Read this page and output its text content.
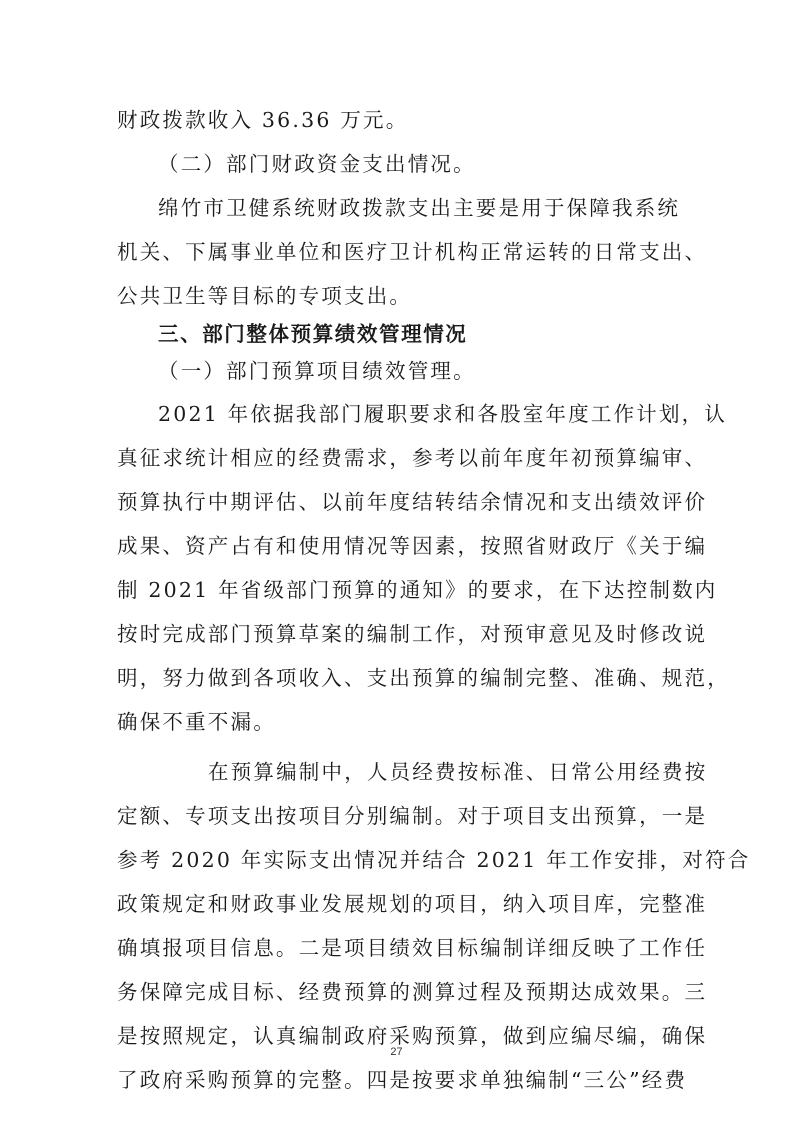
财政拨款收入 36.36 万元。
（二）部门财政资金支出情况。
绵竹市卫健系统财政拨款支出主要是用于保障我系统
机关、下属事业单位和医疗卫计机构正常运转的日常支出、
公共卫生等目标的专项支出。
三、部门整体预算绩效管理情况
（一）部门预算项目绩效管理。
2021 年依据我部门履职要求和各股室年度工作计划，认
真征求统计相应的经费需求，参考以前年度年初预算编审、
预算执行中期评估、以前年度结转结余情况和支出绩效评价
成果、资产占有和使用情况等因素，按照省财政厅《关于编
制 2021 年省级部门预算的通知》的要求，在下达控制数内
按时完成部门预算草案的编制工作，对预审意见及时修改说
明，努力做到各项收入、支出预算的编制完整、准确、规范，
确保不重不漏。
在预算编制中，人员经费按标准、日常公用经费按
定额、专项支出按项目分别编制。对于项目支出预算，一是
参考 2020 年实际支出情况并结合 2021 年工作安排，对符合
政策规定和财政事业发展规划的项目，纳入项目库，完整准
确填报项目信息。二是项目绩效目标编制详细反映了工作任
务保障完成目标、经费预算的测算过程及预期达成效果。三
是按照规定，认真编制政府采购预算，做到应编尽编，确保
了政府采购预算的完整。四是按要求单独编制“三公”经费
27
